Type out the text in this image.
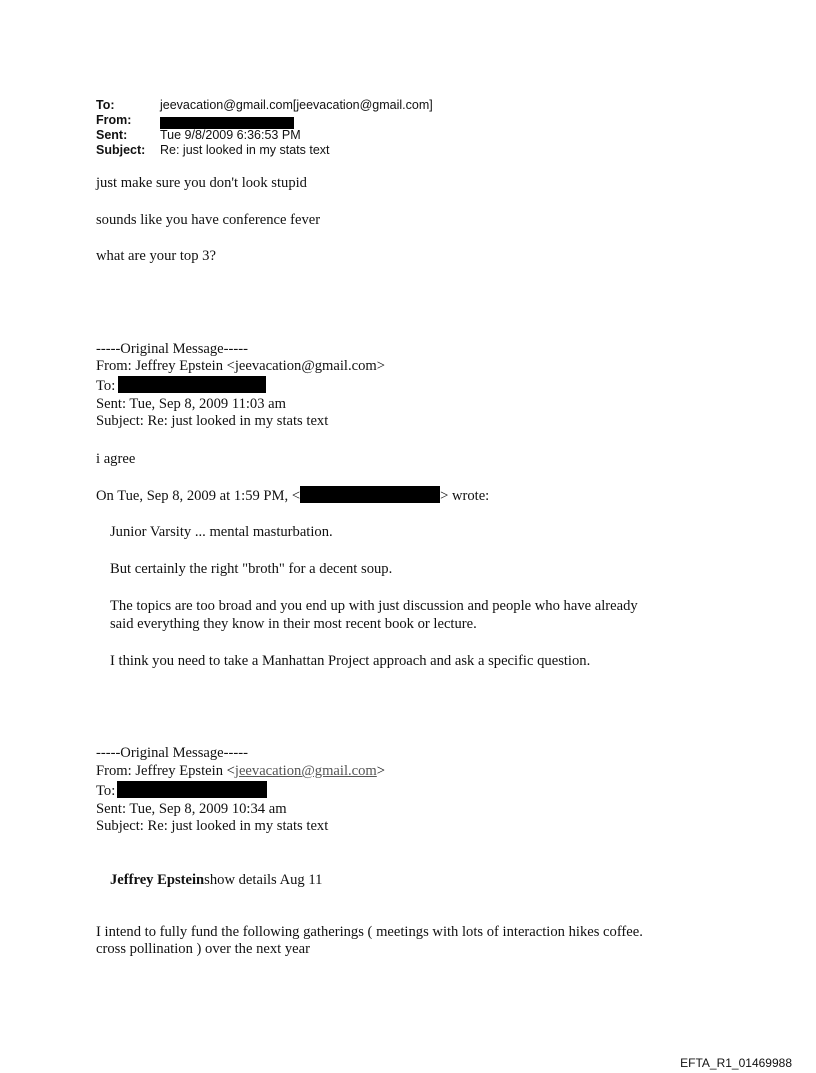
To:	jeevacation@gmail.com[jeevacation@gmail.com]
From:
Sent:	Tue 9/8/2009 6:36:53 PM
Subject: Re: just looked in my stats text

just make sure you don't look stupid

sounds like you have conference fever

what are your top 3?

-----Original Message-----

From: Jeffrey Epstein <jeevacation@gmail.com>

To:

Sent: Tue, Sep 8, 2009 11:03 am

Subject: Re: just looked in my stats text

i agree

On Tue, Sep 8, 2009 at 1:59 PM, <	> wrote:

Junior Varsity ... mental masturbation.

But certainly the right "broth" for a decent soup.

The topics are too broad and you end up with just discussion and people who have already

said everything they know in their most recent book or lecture.

I think you need to take a Manhattan Project approach and ask a specific question.

-----Original Message-----

From: Jeffrey Epstein <jeevacation@gmail.com>

To:

Sent: Tue, Sep 8, 2009 10:34 am

Subject: Re: just looked in my stats text

Jeffrey Epsteinshow details Aug 11

I intend to fully fund the following gatherings ( meetings with lots of interaction hikes coffee.

cross pollination ) over the next year

EFTA_R1_01469988
